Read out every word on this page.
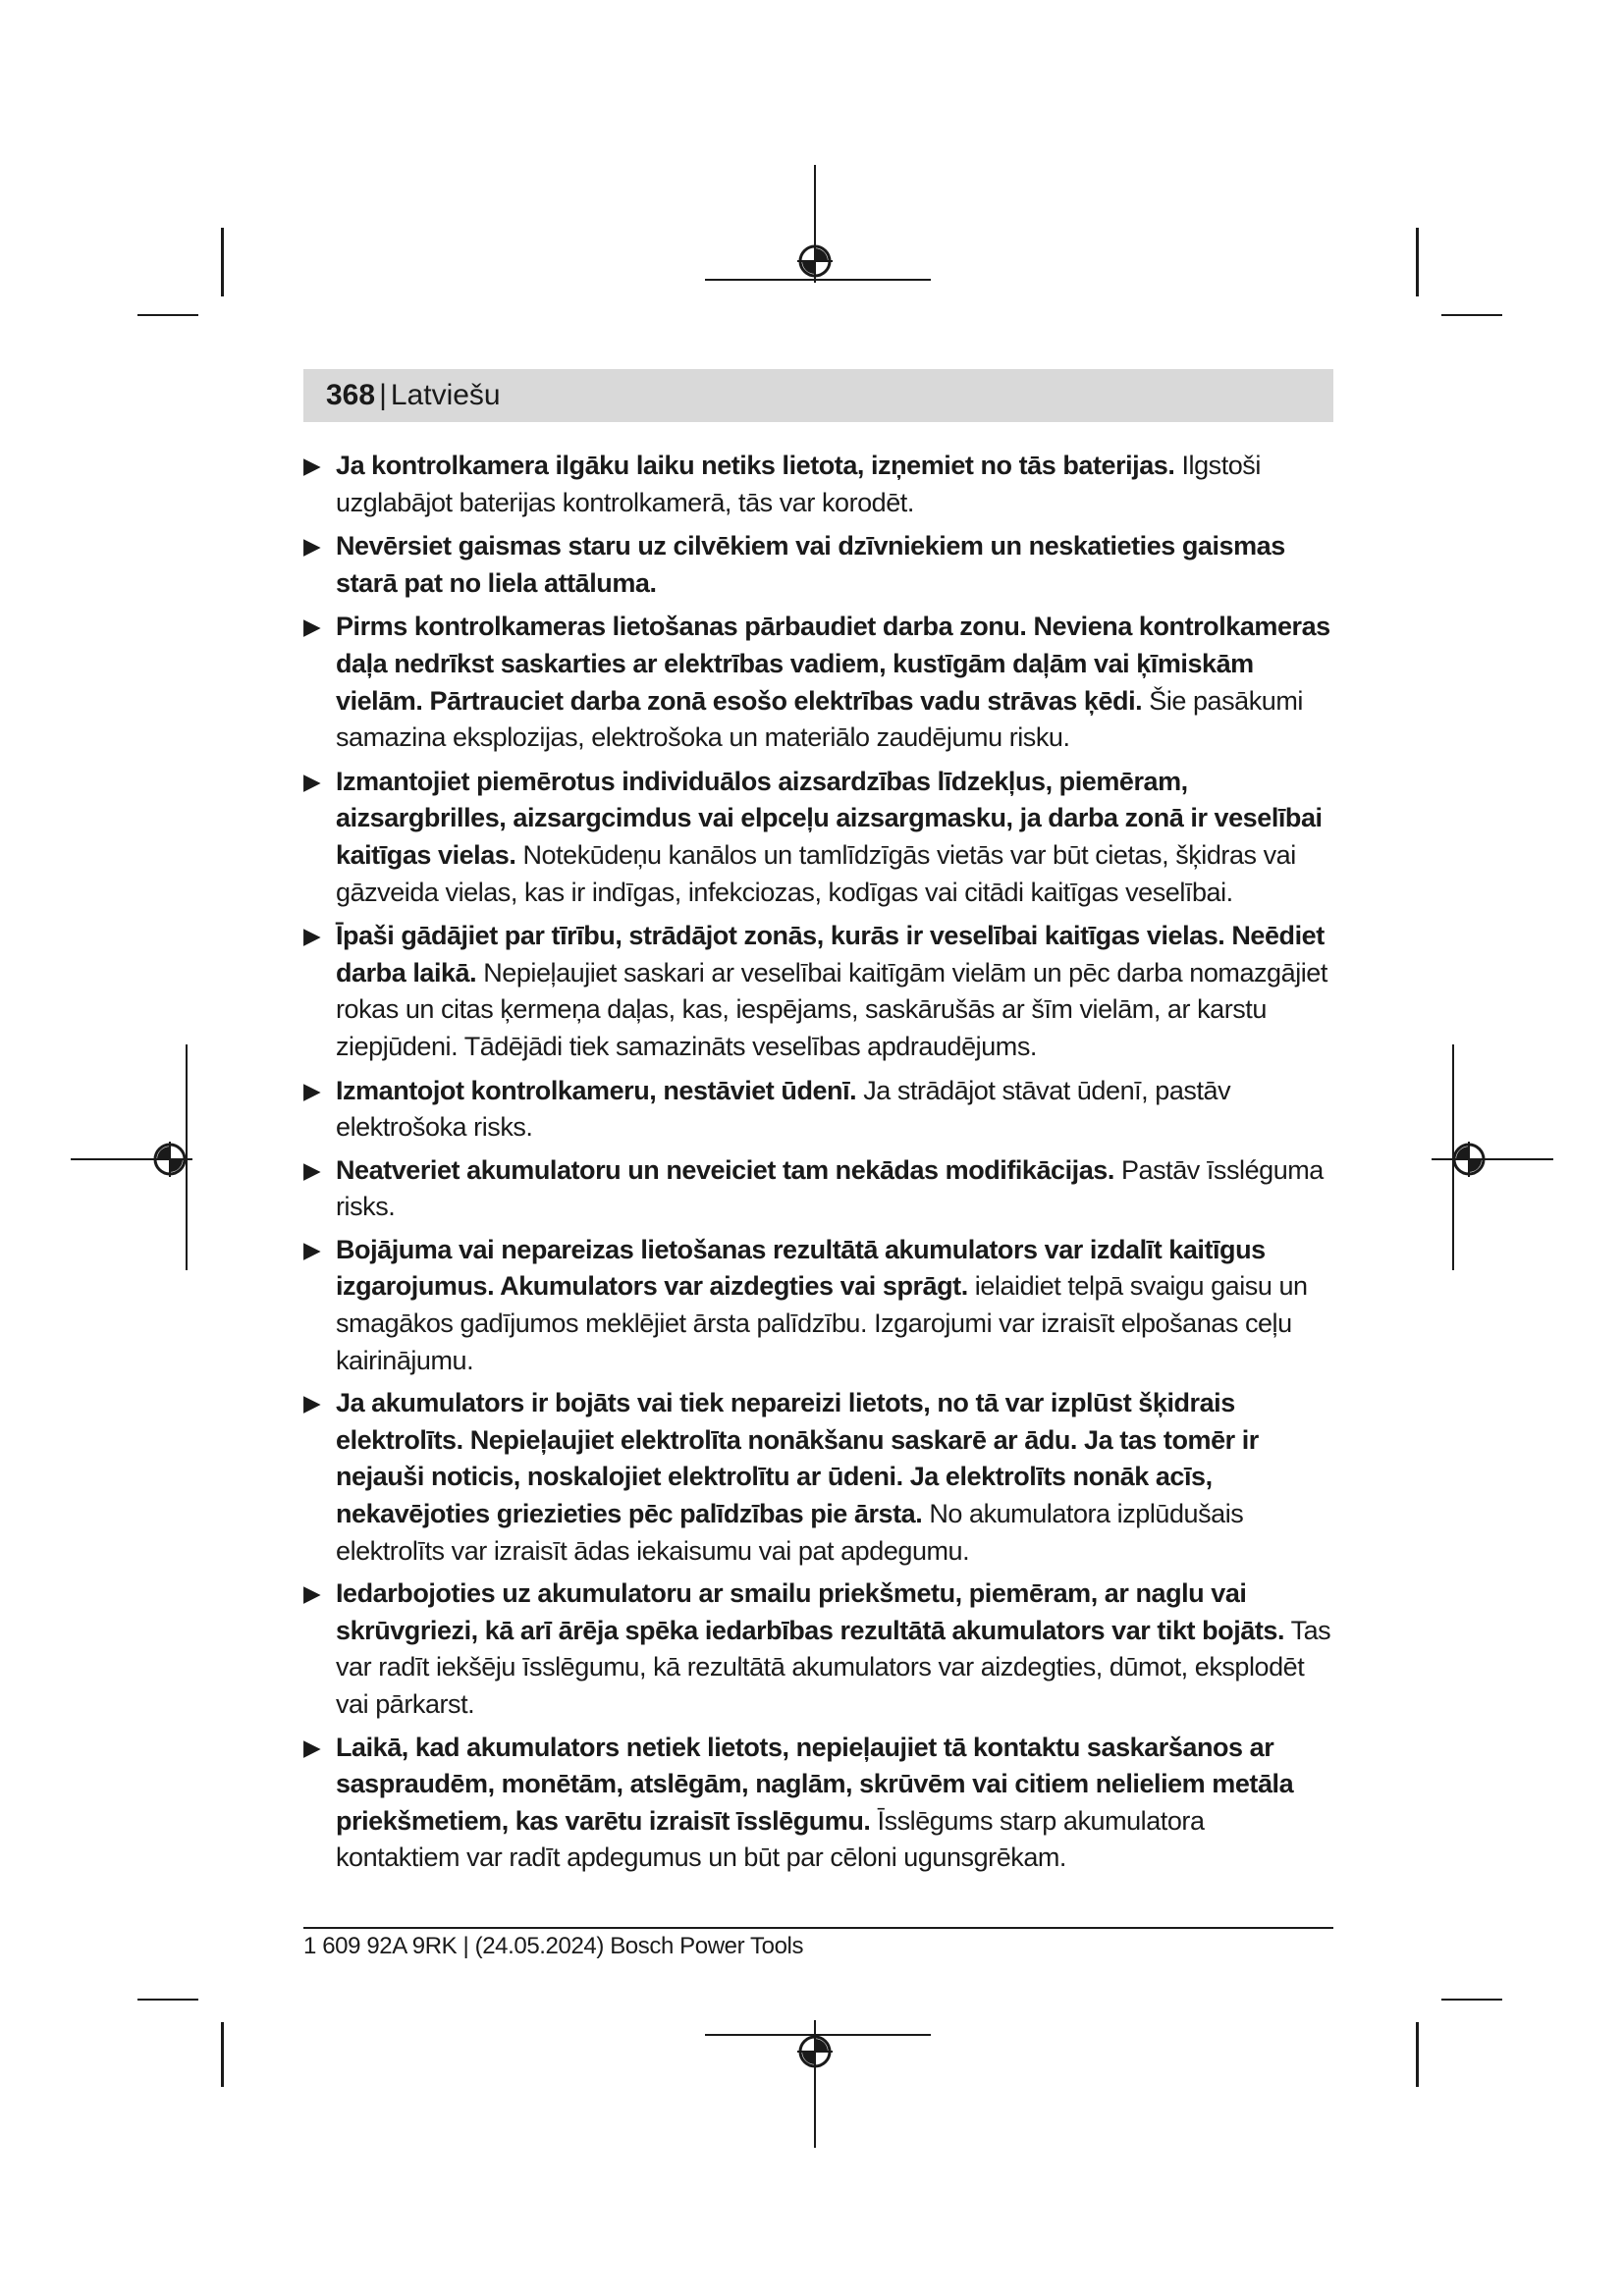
368 | Latviešu
▶ Ja kontrolkamera ilgāku laiku netiks lietota, izņemiet no tās baterijas. Ilgstoši uzglabājot baterijas kontrolkamerā, tās var korodēt.
▶ Nevērsiet gaismas staru uz cilvēkiem vai dzīvniekiem un neskatieties gaismas starā pat no liela attāluma.
▶ Pirms kontrolkameras lietošanas pārbaudiet darba zonu. Neviena kontrolkameras daļa nedrīkst saskarties ar elektrības vadiem, kustīgām daļām vai ķīmiskām vielām. Pārtrauciet darba zonā esošo elektrības vadu strāvas ķēdi. Šie pasākumi samazina eksplozijas, elektrošoka un materiālo zaudējumu risku.
▶ Izmantojiet piemērotus individuālos aizsardzības līdzekļus, piemēram, aizsargbrilles, aizsargcimdus vai elpceļu aizsargmasku, ja darba zonā ir veselībai kaitīgas vielas. Notekūdeņu kanālos un tamlīdzīgās vietās var būt cietas, šķidras vai gāzveida vielas, kas ir indīgas, infekciozas, kodīgas vai citādi kaitīgas veselībai.
▶ Īpaši gādājiet par tīrību, strādājot zonās, kurās ir veselībai kaitīgas vielas. Neēdiet darba laikā. Nepieļaujiet saskari ar veselībai kaitīgām vielām un pēc darba nomazgājiet rokas un citas ķermeņa daļas, kas, iespējams, saskārušās ar šīm vielām, ar karstu ziepjūdeni. Tādējādi tiek samazināts veselības apdraudējums.
▶ Izmantojot kontrolkameru, nestāviet ūdenī. Ja strādājot stāvat ūdenī, pastāv elektrošoka risks.
▶ Neatveriet akumulatoru un neveiciet tam nekādas modifikācijas. Pastāv īssléguma risks.
▶ Bojājuma vai nepareizas lietošanas rezultātā akumulators var izdalīt kaitīgus izgarojumus. Akumulators var aizdegties vai sprāgt. ielaidiet telpā svaigu gaisu un smagākos gadījumos meklējiet ārsta palīdzību. Izgarojumi var izraisīt elpošanas ceļu kairinājumu.
▶ Ja akumulators ir bojāts vai tiek nepareizi lietots, no tā var izplūst šķidrais elektrolīts. Nepieļaujiet elektrolīta nonākšanu saskarē ar ādu. Ja tas tomēr ir nejauši noticis, noskalojiet elektrolītu ar ūdeni. Ja elektrolīts nonāk acīs, nekavējoties griezieties pēc palīdzības pie ārsta. No akumulatora izplūdušais elektrolīts var izraisīt ādas iekaisumu vai pat apdegumu.
▶ Iedarbojoties uz akumulatoru ar smailu priekšmetu, piemēram, ar naglu vai skrūvgriezi, kā arī ārēja spēka iedarbības rezultātā akumulators var tikt bojāts. Tas var radīt iekšēju īsslēgumu, kā rezultātā akumulators var aizdegties, dūmot, eksplodēt vai pārkarst.
▶ Laikā, kad akumulators netiek lietots, nepieļaujiet tā kontaktu saskaršanos ar saspraudēm, monētām, atslēgām, naglām, skrūvēm vai citiem nelieliem metāla priekšmetiem, kas varētu izraisīt īsslēgumu. Īsslēgums starp akumulatora kontaktiem var radīt apdegumus un būt par cēloni ugunsgrēkam.
1 609 92A 9RK | (24.05.2024) Bosch Power Tools
